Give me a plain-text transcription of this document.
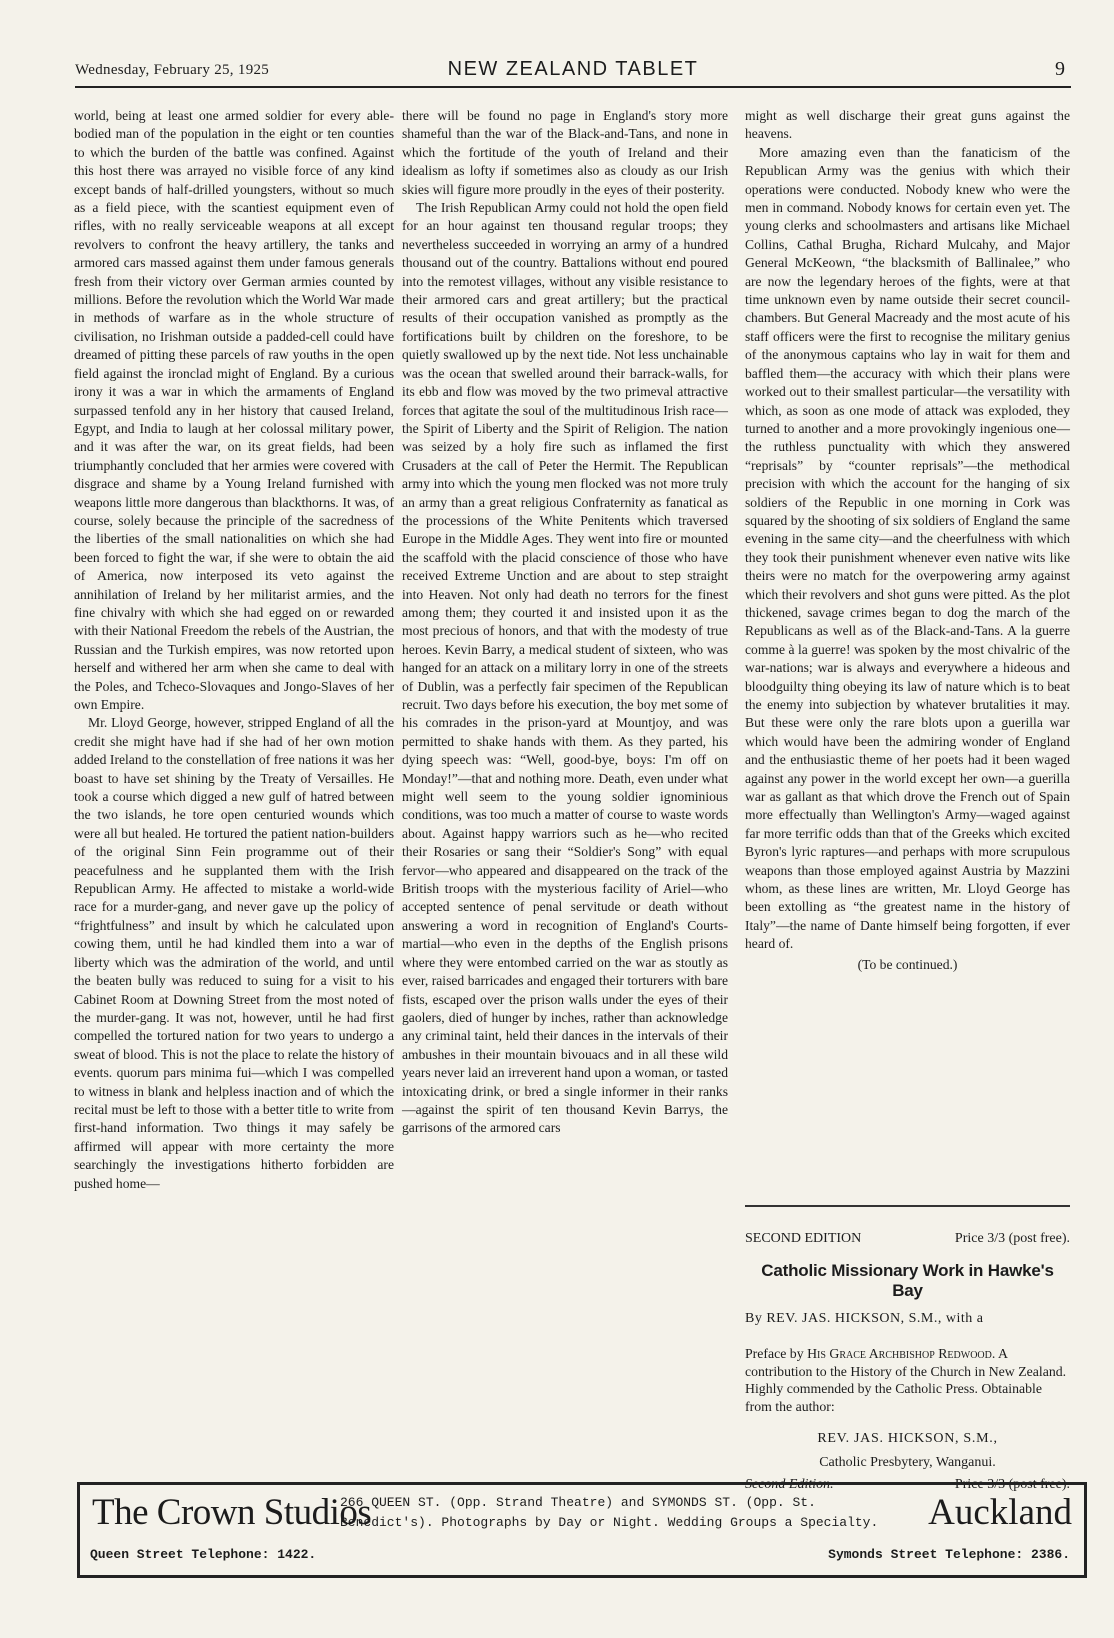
Wednesday, February 25, 1925	NEW ZEALAND TABLET	9

world, being at least one armed soldier for every able-bodied man of the population in the eight or ten counties to which the burden of the battle was confined. Against this host there was arrayed no visible force of any kind except bands of half-drilled youngsters, without so much as a field piece, with the scantiest equipment even of rifles, with no really serviceable weapons at all except revolvers to confront the heavy artillery, the tanks and armored cars massed against them under famous generals fresh from their victory over German armies counted by millions. Before the revolution which the World War made in methods of warfare as in the whole structure of civilisation, no Irishman outside a padded-cell could have dreamed of pitting these parcels of raw youths in the open field against the ironclad might of England. By a curious irony it was a war in which the armaments of England surpassed tenfold any in her history that caused Ireland, Egypt, and India to laugh at her colossal military power, and it was after the war, on its great fields, had been triumphantly concluded that her armies were covered with disgrace and shame by a Young Ireland furnished with weapons little more dangerous than blackthorns. It was, of course, solely because the principle of the sacredness of the liberties of the small nationalities on which she had been forced to fight the war, if she were to obtain the aid of America, now interposed its veto against the annihilation of Ireland by her militarist armies, and the fine chivalry with which she had egged on or rewarded with their National Freedom the rebels of the Austrian, the Russian and the Turkish empires, was now retorted upon herself and withered her arm when she came to deal with the Poles, and Tcheco-Slovaques and Jongo-Slaves of her own Empire.

Mr. Lloyd George, however, stripped England of all the credit she might have had if she had of her own motion added Ireland to the constellation of free nations it was her boast to have set shining by the Treaty of Versailles. He took a course which digged a new gulf of hatred between the two islands, he tore open centuried wounds which were all but healed. He tortured the patient nation-builders of the original Sinn Fein programme out of their peacefulness and he supplanted them with the Irish Republican Army. He affected to mistake a world-wide race for a murder-gang, and never gave up the policy of “frightfulness” and insult by which he calculated upon cowing them, until he had kindled them into a war of liberty which was the admiration of the world, and until the beaten bully was reduced to suing for a visit to his Cabinet Room at Downing Street from the most noted of the murder-gang. It was not, however, until he had first compelled the tortured nation for two years to undergo a sweat of blood. This is not the place to relate the history of events. quorum pars minima fui—which I was compelled to witness in blank and helpless inaction and of which the recital must be left to those with a better title to write from first-hand information. Two things it may safely be affirmed will appear with more certainty the more searchingly the investigations hitherto forbidden are pushed home—

there will be found no page in England's story more shameful than the war of the Black-and-Tans, and none in which the fortitude of the youth of Ireland and their idealism as lofty if sometimes also as cloudy as our Irish skies will figure more proudly in the eyes of their posterity.

The Irish Republican Army could not hold the open field for an hour against ten thousand regular troops; they nevertheless succeeded in worrying an army of a hundred thousand out of the country. Battalions without end poured into the remotest villages, without any visible resistance to their armored cars and great artillery; but the practical results of their occupation vanished as promptly as the fortifications built by children on the foreshore, to be quietly swallowed up by the next tide. Not less unchainable was the ocean that swelled around their barrack-walls, for its ebb and flow was moved by the two primeval attractive forces that agitate the soul of the multitudinous Irish race—the Spirit of Liberty and the Spirit of Religion. The nation was seized by a holy fire such as inflamed the first Crusaders at the call of Peter the Hermit. The Republican army into which the young men flocked was not more truly an army than a great religious Confraternity as fanatical as the processions of the White Penitents which traversed Europe in the Middle Ages. They went into fire or mounted the scaffold with the placid conscience of those who have received Extreme Unction and are about to step straight into Heaven. Not only had death no terrors for the finest among them; they courted it and insisted upon it as the most precious of honors, and that with the modesty of true heroes. Kevin Barry, a medical student of sixteen, who was hanged for an attack on a military lorry in one of the streets of Dublin, was a perfectly fair specimen of the Republican recruit. Two days before his execution, the boy met some of his comrades in the prison-yard at Mountjoy, and was permitted to shake hands with them. As they parted, his dying speech was: “Well, good-bye, boys: I'm off on Monday!”—that and nothing more. Death, even under what might well seem to the young soldier ignominious conditions, was too much a matter of course to waste words about. Against happy warriors such as he—who recited their Rosaries or sang their “Soldier's Song” with equal fervor—who appeared and disappeared on the track of the British troops with the mysterious facility of Ariel—who accepted sentence of penal servitude or death without answering a word in recognition of England's Courts-martial—who even in the depths of the English prisons where they were entombed carried on the war as stoutly as ever, raised barricades and engaged their torturers with bare fists, escaped over the prison walls under the eyes of their gaolers, died of hunger by inches, rather than acknowledge any criminal taint, held their dances in the intervals of their ambushes in their mountain bivouacs and in all these wild years never laid an irreverent hand upon a woman, or tasted intoxicating drink, or bred a single informer in their ranks—against the spirit of ten thousand Kevin Barrys, the garrisons of the armored cars

might as well discharge their great guns against the heavens.

More amazing even than the fanaticism of the Republican Army was the genius with which their operations were conducted. Nobody knew who were the men in command. Nobody knows for certain even yet. The young clerks and schoolmasters and artisans like Michael Collins, Cathal Brugha, Richard Mulcahy, and Major General McKeown, “the blacksmith of Ballinalee,” who are now the legendary heroes of the fights, were at that time unknown even by name outside their secret council-chambers. But General Macready and the most acute of his staff officers were the first to recognise the military genius of the anonymous captains who lay in wait for them and baffled them—the accuracy with which their plans were worked out to their smallest particular—the versatility with which, as soon as one mode of attack was exploded, they turned to another and a more provokingly ingenious one—the ruthless punctuality with which they answered “reprisals” by “counter reprisals”—the methodical precision with which the account for the hanging of six soldiers of the Republic in one morning in Cork was squared by the shooting of six soldiers of England the same evening in the same city—and the cheerfulness with which they took their punishment whenever even native wits like theirs were no match for the overpowering army against which their revolvers and shot guns were pitted. As the plot thickened, savage crimes began to dog the march of the Republicans as well as of the Black-and-Tans. A la guerre comme à la guerre! was spoken by the most chivalric of the war-nations; war is always and everywhere a hideous and bloodguilty thing obeying its law of nature which is to beat the enemy into subjection by whatever brutalities it may. But these were only the rare blots upon a guerilla war which would have been the admiring wonder of England and the enthusiastic theme of her poets had it been waged against any power in the world except her own—a guerilla war as gallant as that which drove the French out of Spain more effectually than Wellington's Army—waged against far more terrific odds than that of the Greeks which excited Byron's lyric raptures—and perhaps with more scrupulous weapons than those employed against Austria by Mazzini whom, as these lines are written, Mr. Lloyd George has been extolling as “the greatest name in the history of Italy”—the name of Dante himself being forgotten, if ever heard of.

(To be continued.)
SECOND EDITION	Price 3/3 (post free).
Catholic Missionary Work in Hawke's Bay
By REV. JAS. HICKSON, S.M., with a
Preface by His Grace Archbishop Redwood. A contribution to the History of the Church in New Zealand. Highly commended by the Catholic Press. Obtainable from the author:
REV. JAS. HICKSON, S.M.,
Catholic Presbytery, Wanganui.
Second Edition.	Price 3/3 (post free).
The Crown Studios
Queen Street Telephone: 1422.
266 QUEEN ST. (Opp. Strand Theatre) and SYMONDS ST. (Opp. St.
Benedict's). Photographs by Day or Night. Wedding Groups a Specialty.	Auckland
Symonds Street Telephone: 2386.
